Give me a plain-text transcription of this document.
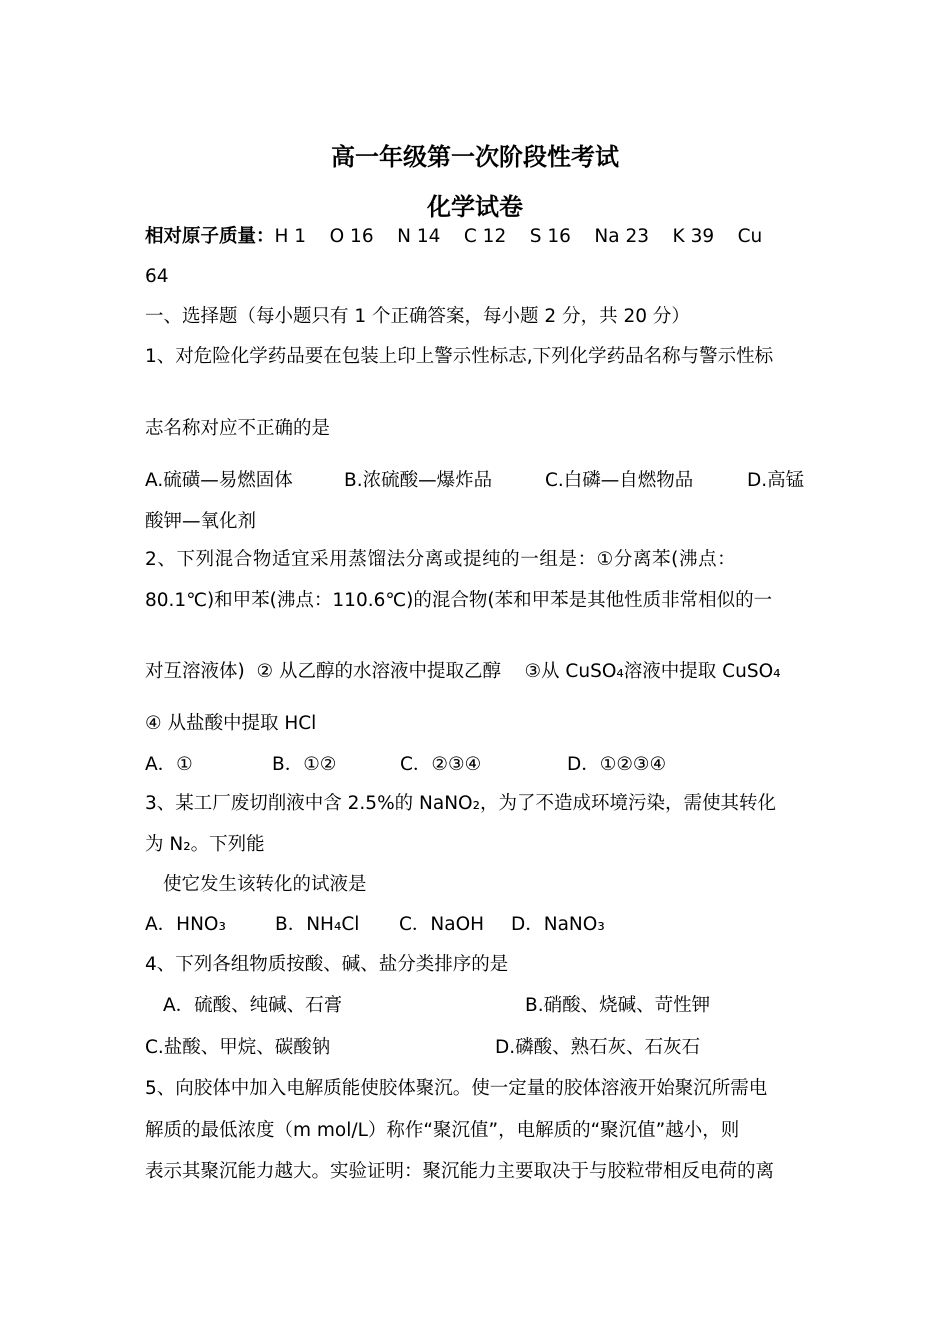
高一年级第一次阶段性考试
化学试卷
相对原子质量：H 1    O 16    N 14    C 12    S 16    Na 23    K 39    Cu
64
一、选择题（每小题只有 1 个正确答案，每小题 2 分，共 20 分）
1、对危险化学药品要在包装上印上警示性标志,下列化学药品名称与警示性标
志名称对应不正确的是
A.硫磺—易燃固体	B.浓硫酸—爆炸品	C.白磷—自燃物品	D.高锰
酸钾—氧化剂
2、下列混合物适宜采用蒸馏法分离或提纯的一组是：①分离苯(沸点：
80.1℃)和甲苯(沸点：110.6℃)的混合物(苯和甲苯是其他性质非常相似的一
对互溶液体)  ② 从乙醇的水溶液中提取乙醇    ③从 CuSO₄溶液中提取 CuSO₄
④ 从盐酸中提取 HCl
A．①	B．①②	C．②③④	D．①②③④
3、某工厂废切削液中含 2.5%的 NaNO₂，为了不造成环境污染，需使其转化
为 N₂。下列能
使它发生该转化的试液是
A．HNO₃	B．NH₄Cl C．NaOH D．NaNO₃
4、下列各组物质按酸、碱、盐分类排序的是
A．硫酸、纯碱、石膏	B.硝酸、烧碱、苛性钾
C.盐酸、甲烷、碳酸钠	D.磷酸、熟石灰、石灰石
5、向胶体中加入电解质能使胶体聚沉。使一定量的胶体溶液开始聚沉所需电
解质的最低浓度（m mol/L）称作“聚沉值”，电解质的“聚沉值”越小，则
表示其聚沉能力越大。实验证明：聚沉能力主要取决于与胶粒带相反电荷的离
